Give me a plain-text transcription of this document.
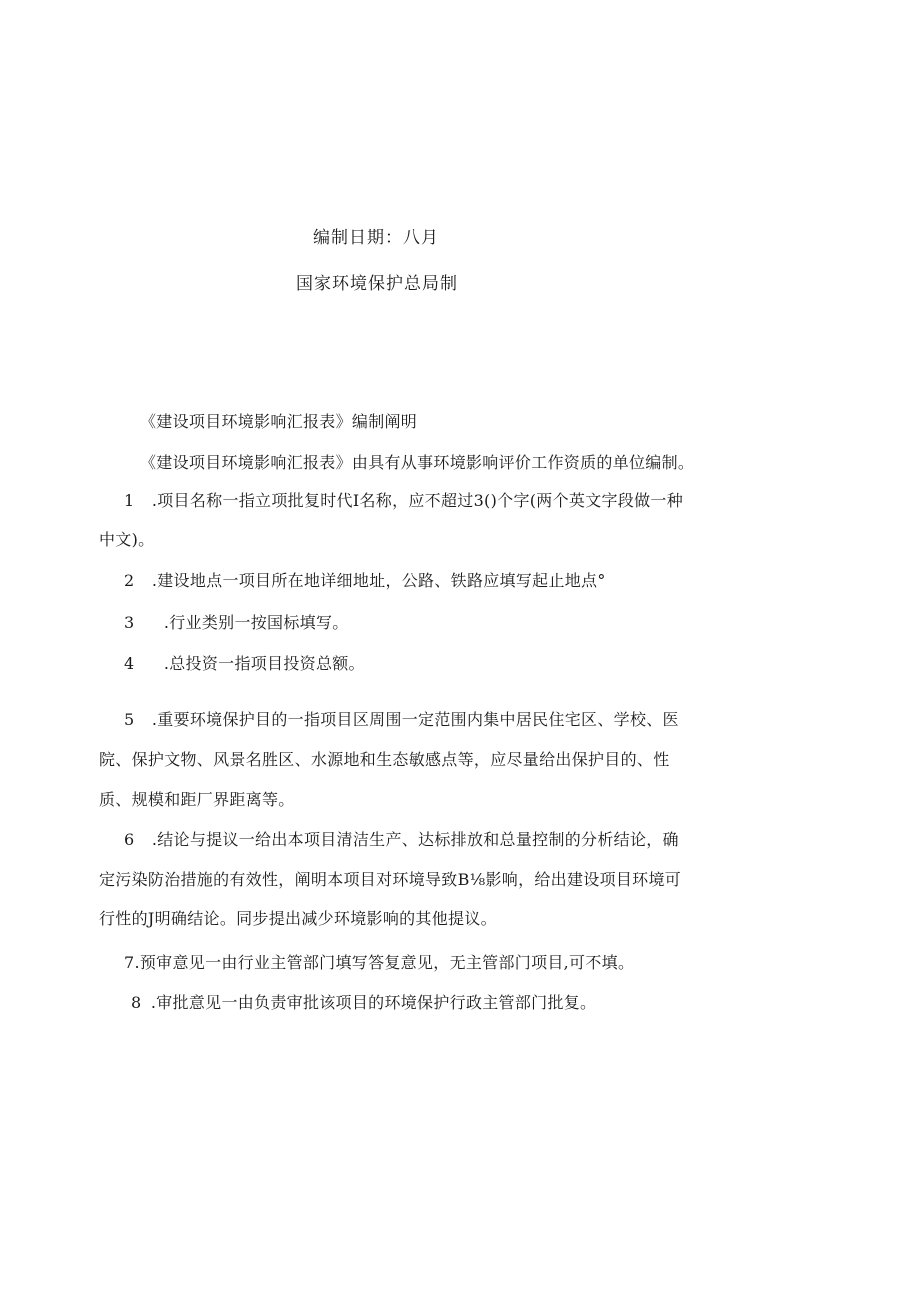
编制日期：八月
国家环境保护总局制
《建设项目环境影响汇报表》编制阐明
《建设项目环境影响汇报表》由具有从事环境影响评价工作资质的单位编制。
1 .项目名称一指立项批复时代I名称，应不超过3()个字(两个英文字段做一种
中文)。
2 .建设地点一项目所在地详细地址，公路、铁路应填写起止地点°
3 .行业类别一按国标填写。
4 .总投资一指项目投资总额。
5 .重要环境保护目的一指项目区周围一定范围内集中居民住宅区、学校、医
院、保护文物、风景名胜区、水源地和生态敏感点等，应尽量给出保护目的、性
质、规模和距厂界距离等。
6 .结论与提议一给出本项目清洁生产、达标排放和总量控制的分析结论，确
定污染防治措施的有效性，阐明本项目对环境导致B⅛影响，给出建设项目环境可
行性的J明确结论。同步提出减少环境影响的其他提议。
7.预审意见一由行业主管部门填写答复意见，无主管部门项目,可不填。
8 .审批意见一由负责审批该项目的环境保护行政主管部门批复。
